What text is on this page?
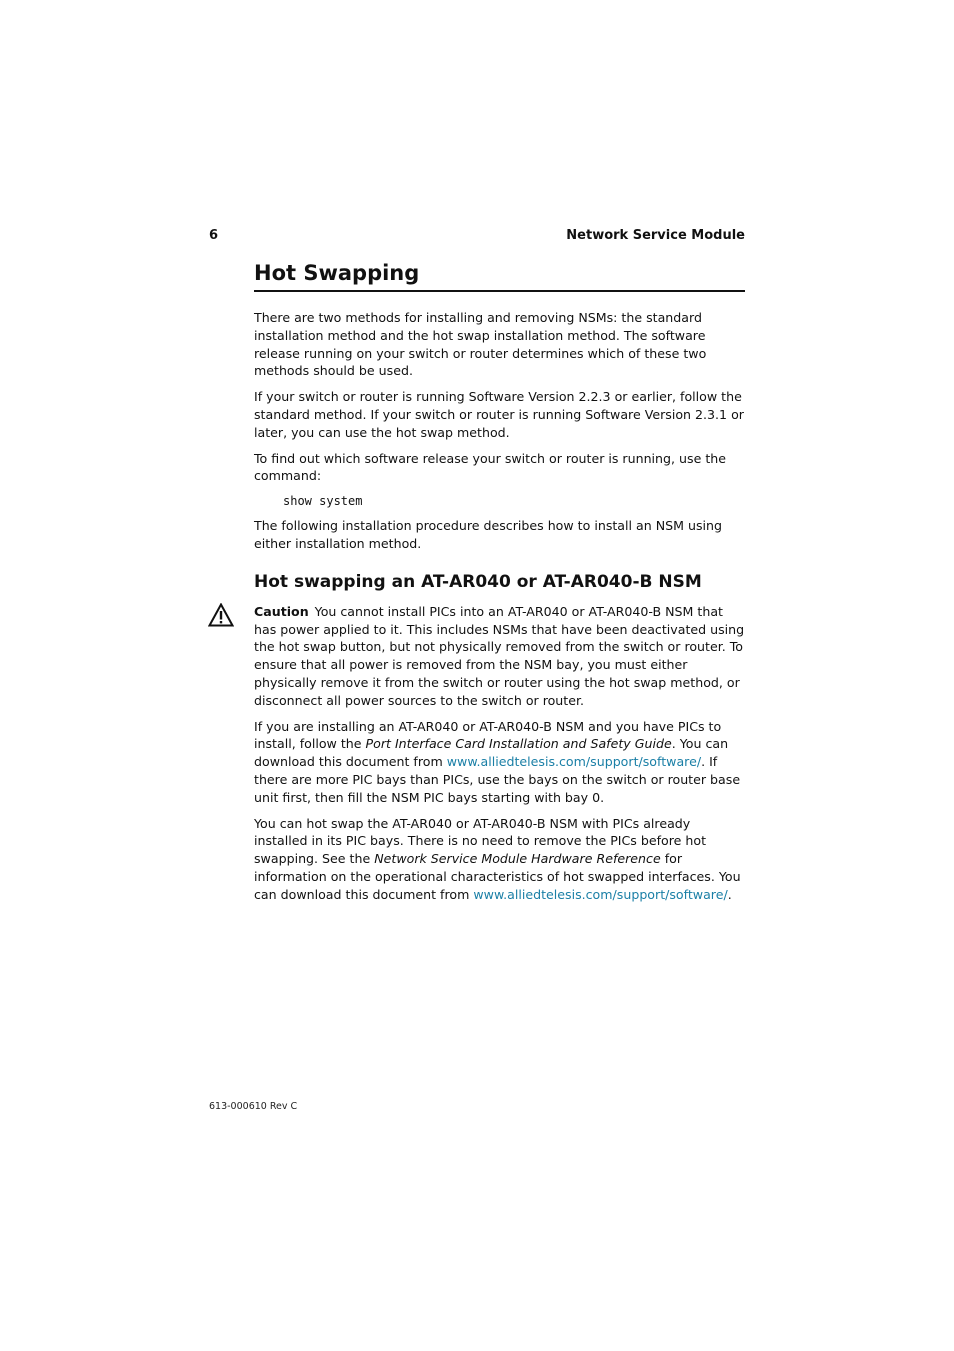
6	Network Service Module
Hot Swapping

There are two methods for installing and removing NSMs: the standard installation method and the hot swap installation method. The software release running on your switch or router determines which of these two methods should be used.

If your switch or router is running Software Version 2.2.3 or earlier, follow the standard method. If your switch or router is running Software Version 2.3.1 or later, you can use the hot swap method.

To find out which software release your switch or router is running, use the command:

show system

The following installation procedure describes how to install an NSM using either installation method.

Hot swapping an AT-AR040 or AT-AR040-B NSM

Caution You cannot install PICs into an AT-AR040 or AT-AR040-B NSM that has power applied to it. This includes NSMs that have been deactivated using the hot swap button, but not physically removed from the switch or router. To ensure that all power is removed from the NSM bay, you must either physically remove it from the switch or router using the hot swap method, or disconnect all power sources to the switch or router.

If you are installing an AT-AR040 or AT-AR040-B NSM and you have PICs to install, follow the Port Interface Card Installation and Safety Guide. You can download this document from www.alliedtelesis.com/support/software/. If there are more PIC bays than PICs, use the bays on the switch or router base unit first, then fill the NSM PIC bays starting with bay 0.

You can hot swap the AT-AR040 or AT-AR040-B NSM with PICs already installed in its PIC bays. There is no need to remove the PICs before hot swapping. See the Network Service Module Hardware Reference for information on the operational characteristics of hot swapped interfaces. You can download this document from www.alliedtelesis.com/support/software/.

613-000610 Rev C
